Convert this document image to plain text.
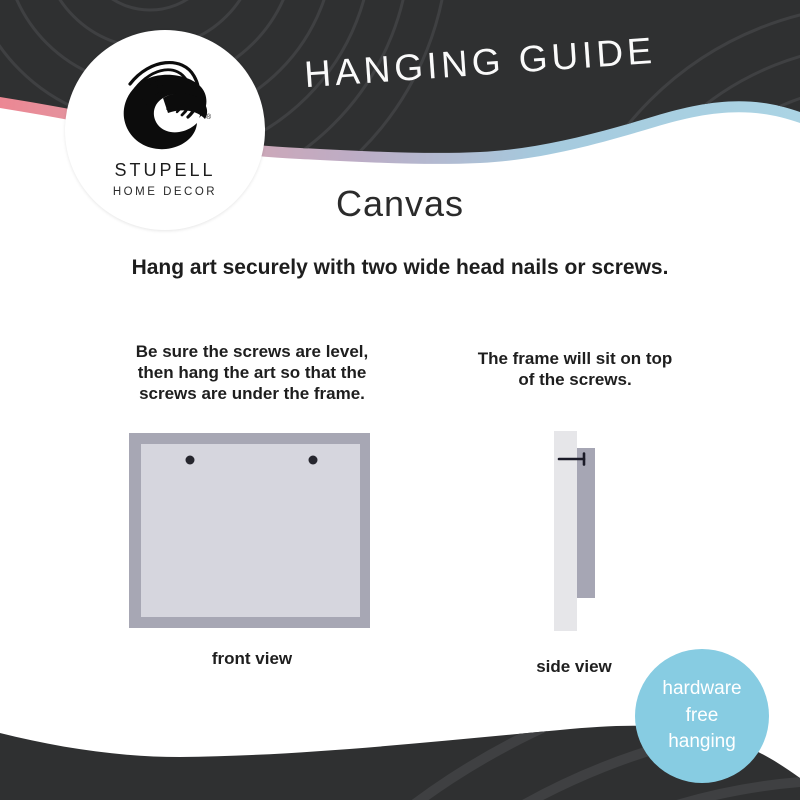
HANGING GUIDE
®
STUPELL
HOME DECOR	Canvas
Hang art securely with two wide head nails or screws.
Be sure the screws are level,
then hang the art so that the
screws are under the frame.
The frame will sit on top
of the screws.
front view	side view
hardware
free
hanging
